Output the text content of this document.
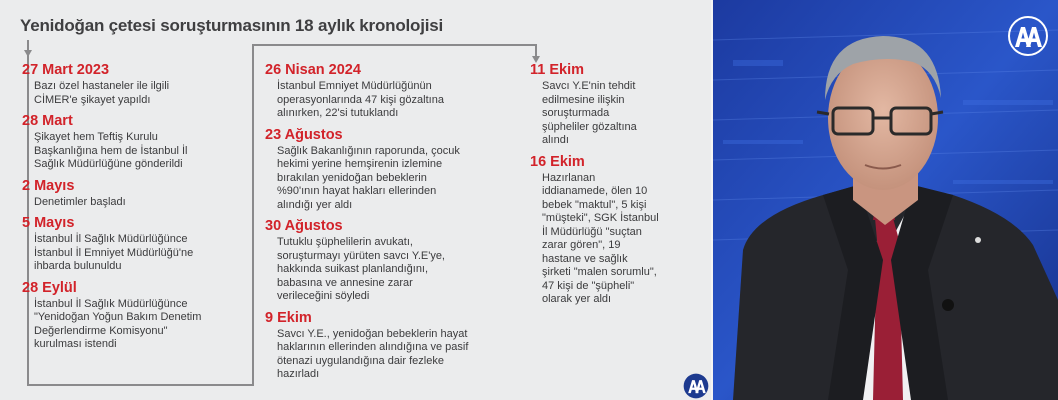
Yenidoğan çetesi soruşturmasının 18 aylık kronolojisi
27 Mart 2023
Bazı özel hastaneler ile ilgili
CİMER'e şikayet yapıldı
28 Mart
Şikayet hem Teftiş Kurulu
Başkanlığına hem de İstanbul İl
Sağlık Müdürlüğüne gönderildi
2 Mayıs
Denetimler başladı
5 Mayıs
İstanbul İl Sağlık Müdürlüğünce
İstanbul İl Emniyet Müdürlüğü'ne
ihbarda bulunuldu
28 Eylül
İstanbul İl Sağlık Müdürlüğünce
"Yenidoğan Yoğun Bakım Denetim
Değerlendirme Komisyonu"
kurulması istendi
26 Nisan 2024
İstanbul Emniyet Müdürlüğünün
operasyonlarında 47 kişi gözaltına
alınırken, 22'si tutuklandı
23 Ağustos
Sağlık Bakanlığının raporunda, çocuk
hekimi yerine hemşirenin izlemine
bırakılan yenidoğan bebeklerin
%90'ının hayat hakları ellerinden
alındığı yer aldı
30 Ağustos
Tutuklu şüphelilerin avukatı,
soruşturmayı yürüten savcı Y.E'ye,
hakkında suikast planlandığını,
babasına ve annesine zarar
verileceğini söyledi
9 Ekim
Savcı Y.E., yenidoğan bebeklerin hayat
haklarının ellerinden alındığına ve pasif
ötenazi uygulandığına dair fezleke
hazırladı
11 Ekim
Savcı Y.E'nin tehdit
edilmesine ilişkin
soruşturmada
şüpheliler gözaltına
alındı
16 Ekim
Hazırlanan
iddianamede, ölen 10
bebek "maktul", 5 kişi
"müşteki", SGK İstanbul
İl Müdürlüğü "suçtan
zarar gören", 19
hastane ve sağlık
şirketi "malen sorumlu",
47 kişi de "şüpheli"
olarak yer aldı
